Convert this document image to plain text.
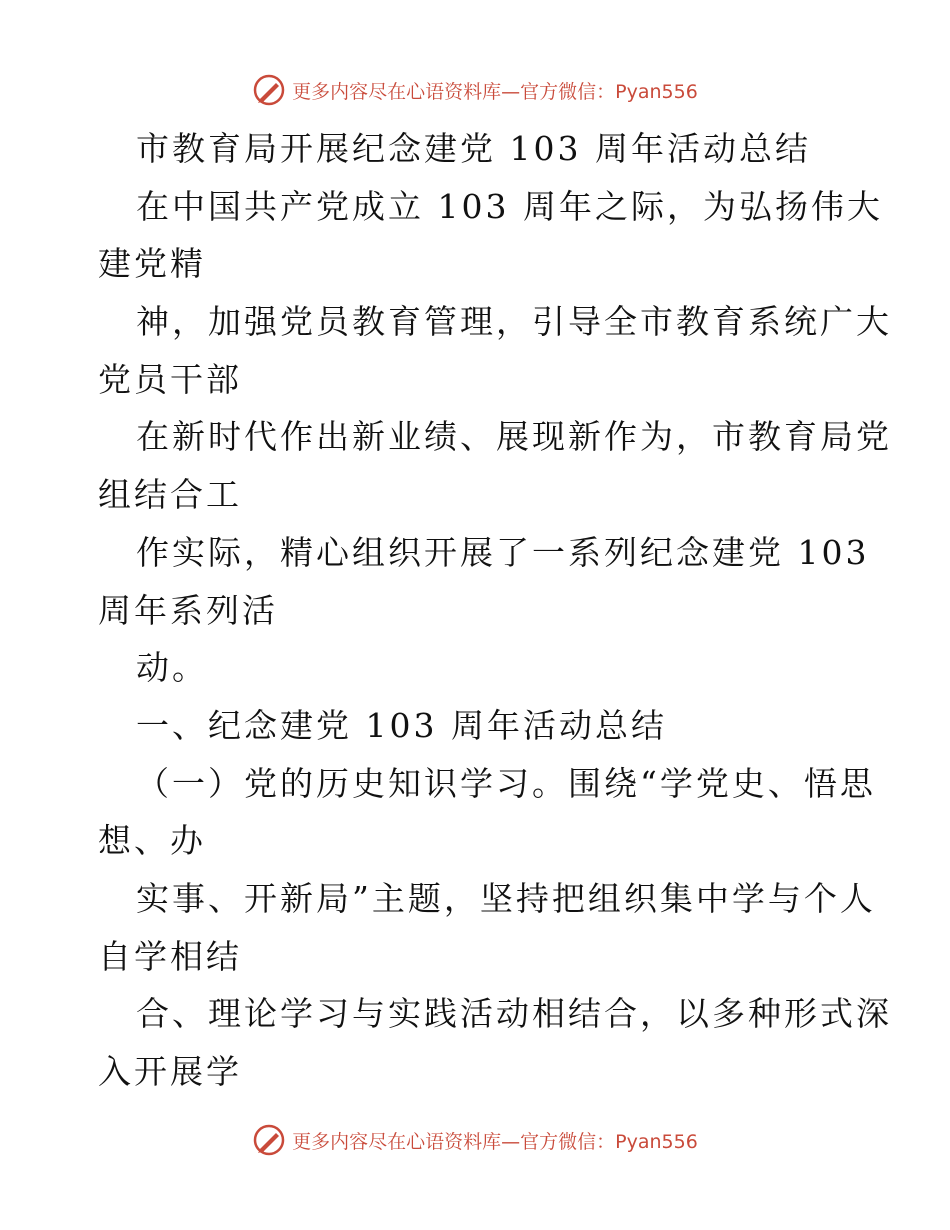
更多内容尽在心语资料库—官方微信：Pyan556
市教育局开展纪念建党 103 周年活动总结
在中国共产党成立 103 周年之际，为弘扬伟大
建党精
神，加强党员教育管理，引导全市教育系统广大
党员干部
在新时代作出新业绩、展现新作为，市教育局党
组结合工
作实际，精心组织开展了一系列纪念建党 103
周年系列活
动。
一、纪念建党 103 周年活动总结
（一）党的历史知识学习。围绕“学党史、悟思
想、办
实事、开新局”主题，坚持把组织集中学与个人
自学相结
合、理论学习与实践活动相结合，以多种形式深
入开展学
更多内容尽在心语资料库—官方微信：Pyan556
